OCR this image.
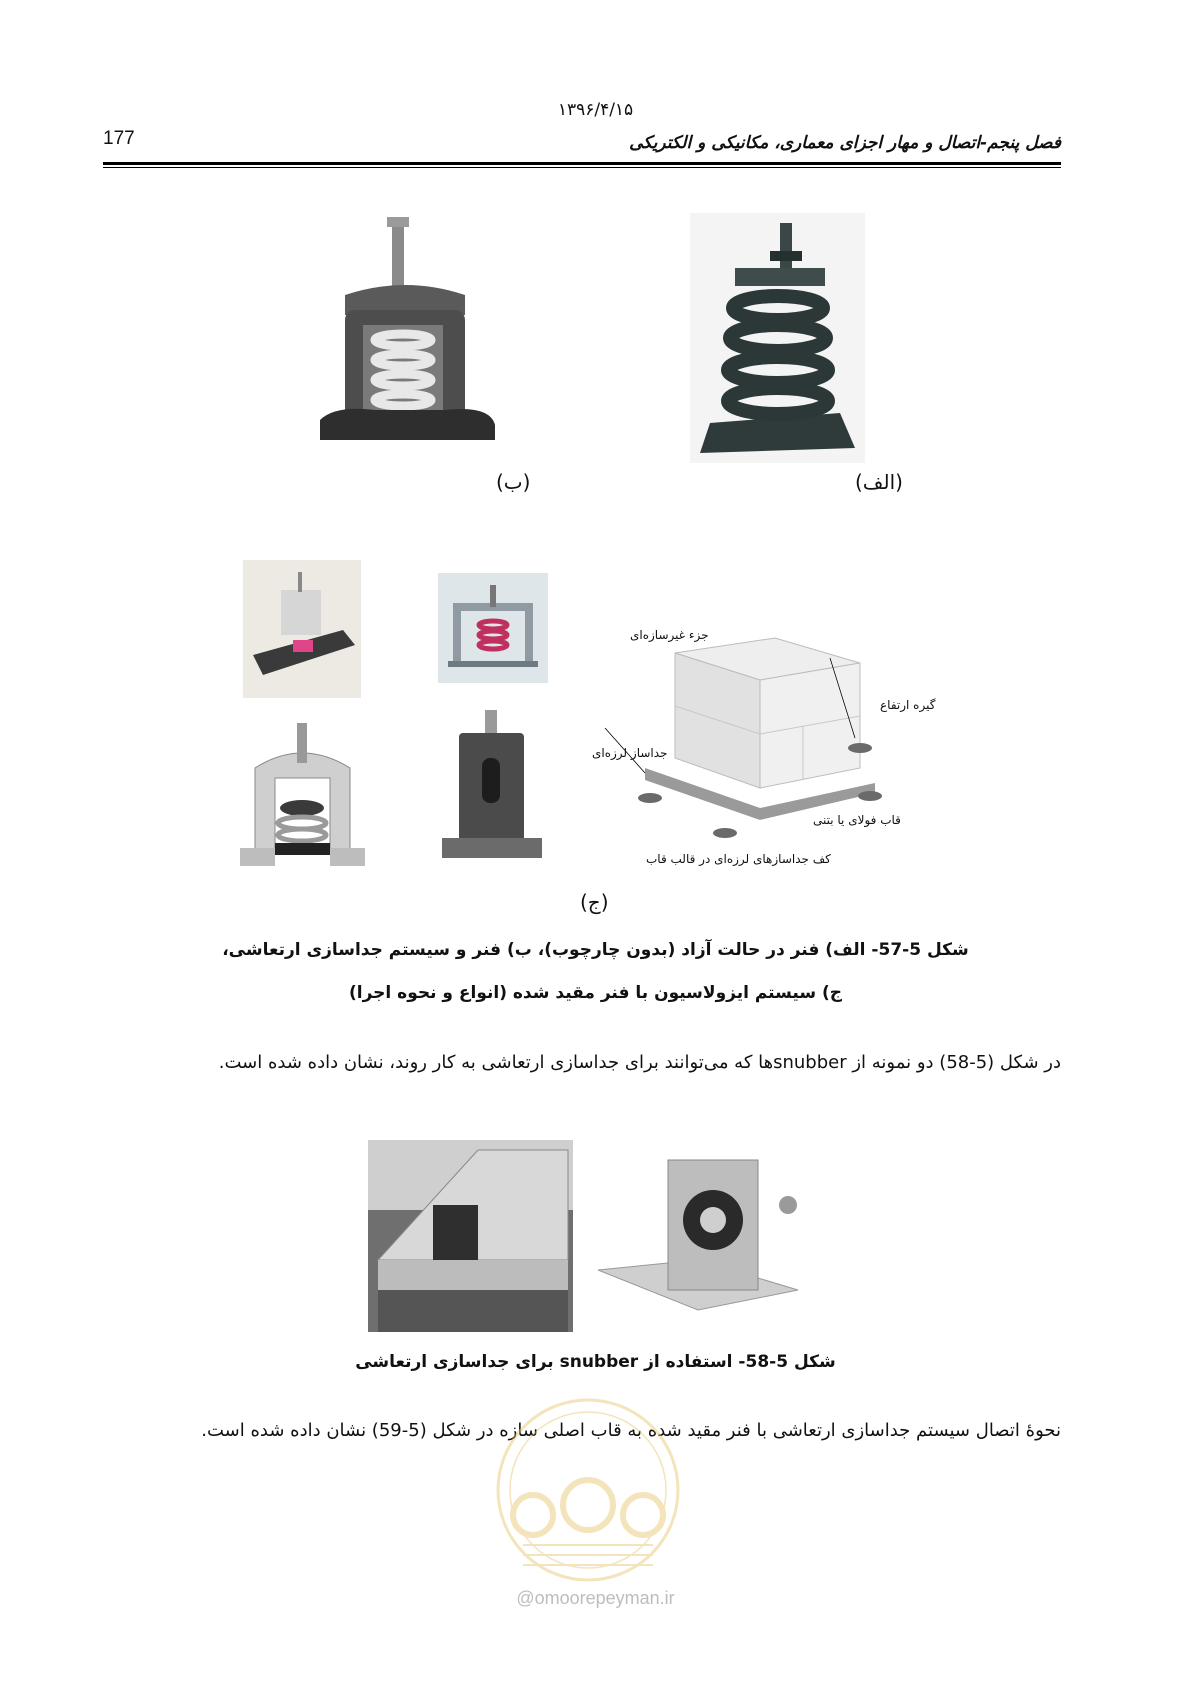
۱۳۹۶/۴/۱۵
177	فصل پنجم-اتصال و مهار اجزای معماری، مکانیکی و الکتریکی
(الف)
(ب)
جزء غیرسازه‌ای
گیره ارتفاع
جداساز لرزه‌ای
قاب فولای یا بتنی
کف جداسازهای لرزه‌ای در قالب قاب
(ج)
شکل 5-57- الف) فنر در حالت آزاد (بدون چارچوب)، ب) فنر و سیستم جداسازی ارتعاشی،
ج) سیستم ایزولاسیون با فنر مقید شده (انواع و نحوه اجرا)
در شکل (5-58) دو نمونه از snubberها که می‌توانند برای جداسازی ارتعاشی به کار روند، نشان داده شده است.
شکل 5-58- استفاده از snubber برای جداسازی ارتعاشی
نحوهٔ اتصال سیستم جداسازی ارتعاشی با فنر مقید شده به قاب اصلی سازه در شکل (5-59) نشان داده شده است.
@omoorepeyman.ir
